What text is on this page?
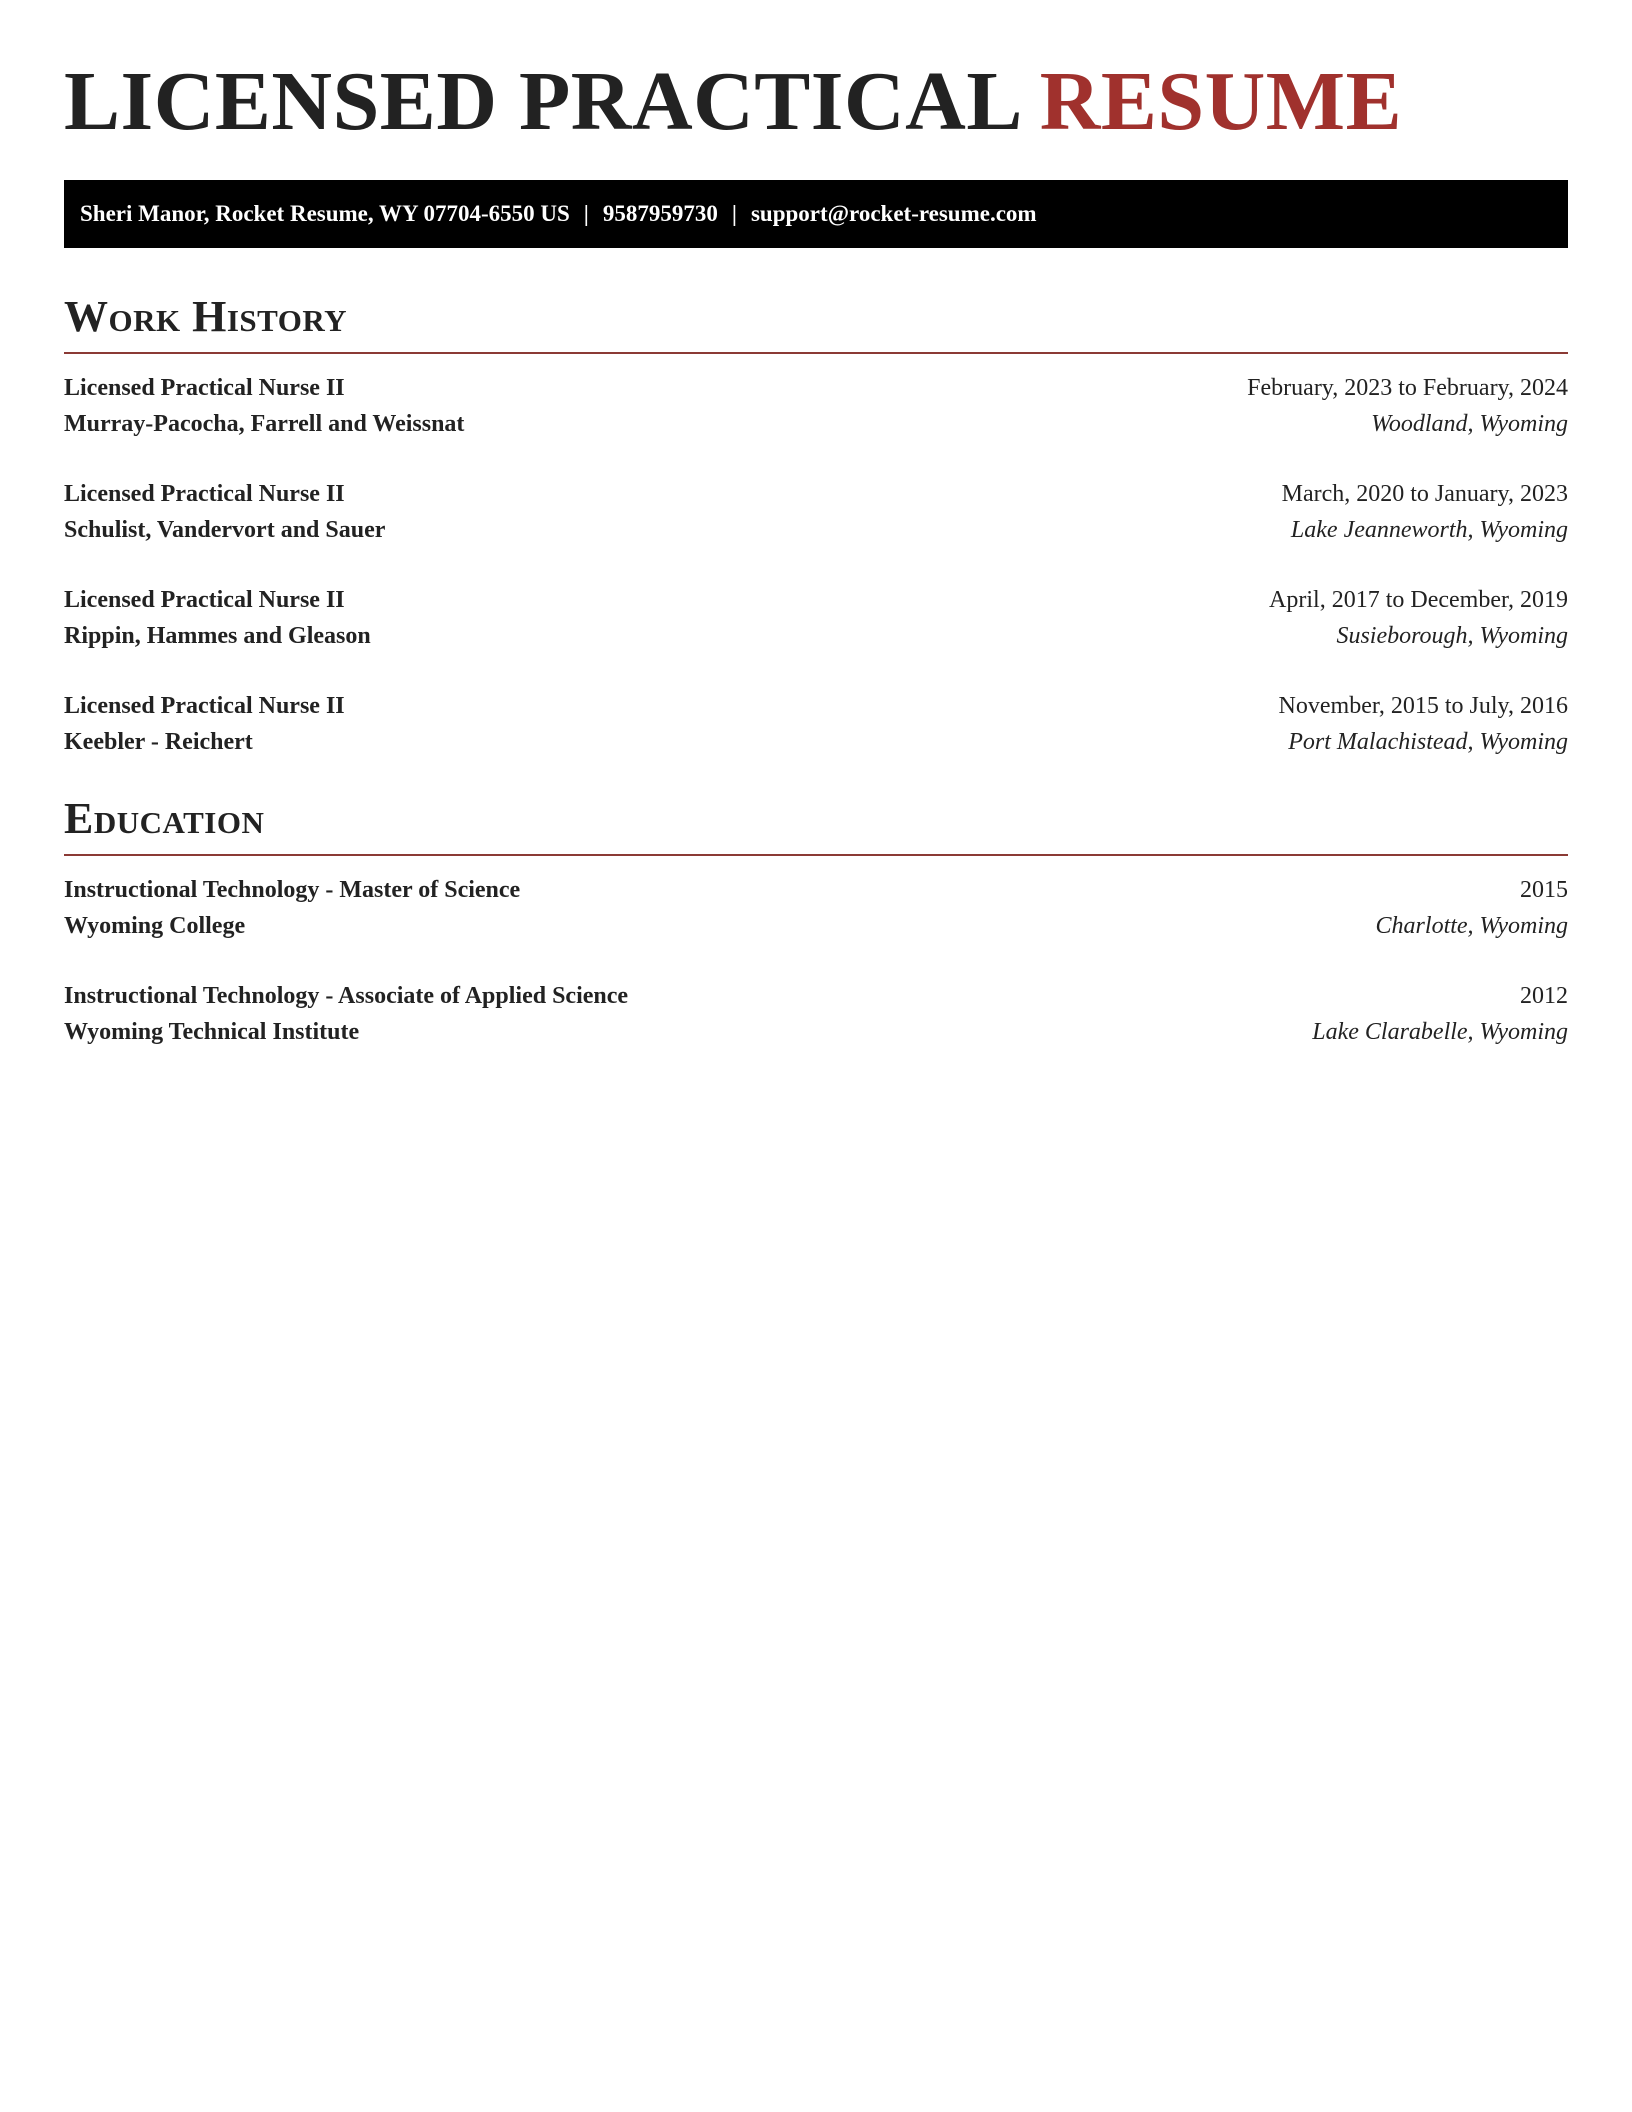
LICENSED PRACTICAL RESUME
Sheri Manor, Rocket Resume, WY 07704-6550 US | 9587959730 | support@rocket-resume.com
Work History
Licensed Practical Nurse II	February, 2023 to February, 2024
Murray-Pacocha, Farrell and Weissnat	Woodland, Wyoming
Licensed Practical Nurse II	March, 2020 to January, 2023
Schulist, Vandervort and Sauer	Lake Jeanneworth, Wyoming
Licensed Practical Nurse II	April, 2017 to December, 2019
Rippin, Hammes and Gleason	Susieborough, Wyoming
Licensed Practical Nurse II	November, 2015 to July, 2016
Keebler - Reichert	Port Malachistead, Wyoming
Education
Instructional Technology - Master of Science	2015
Wyoming College	Charlotte, Wyoming
Instructional Technology - Associate of Applied Science	2012
Wyoming Technical Institute	Lake Clarabelle, Wyoming
